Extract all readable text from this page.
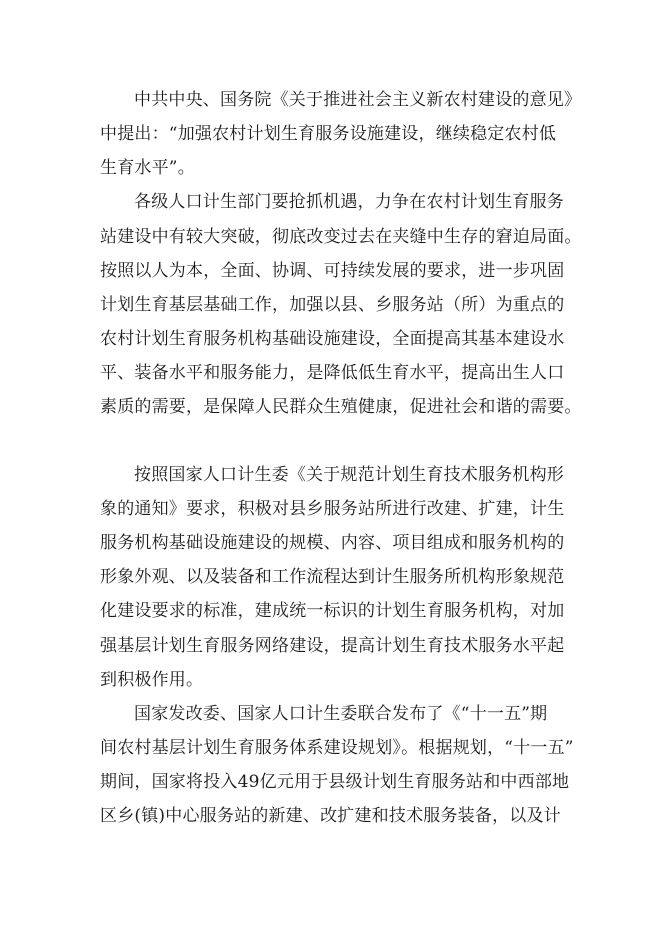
中共中央、国务院《关于推进社会主义新农村建设的意见》
中提出：“加强农村计划生育服务设施建设，继续稳定农村低
生育水平”。
各级人口计生部门要抢抓机遇，力争在农村计划生育服务
站建设中有较大突破，彻底改变过去在夹缝中生存的窘迫局面。
按照以人为本，全面、协调、可持续发展的要求，进一步巩固
计划生育基层基础工作，加强以县、乡服务站（所）为重点的
农村计划生育服务机构基础设施建设，全面提高其基本建设水
平、装备水平和服务能力，是降低低生育水平，提高出生人口
素质的需要，是保障人民群众生殖健康，促进社会和谐的需要。
按照国家人口计生委《关于规范计划生育技术服务机构形
象的通知》要求，积极对县乡服务站所进行改建、扩建，计生
服务机构基础设施建设的规模、内容、项目组成和服务机构的
形象外观、以及装备和工作流程达到计生服务所机构形象规范
化建设要求的标准，建成统一标识的计划生育服务机构，对加
强基层计划生育服务网络建设，提高计划生育技术服务水平起
到积极作用。
国家发改委、国家人口计生委联合发布了《“十一五”期
间农村基层计划生育服务体系建设规划》。根据规划，“十一五”
期间，国家将投入49亿元用于县级计划生育服务站和中西部地
区乡(镇)中心服务站的新建、改扩建和技术服务装备，以及计
